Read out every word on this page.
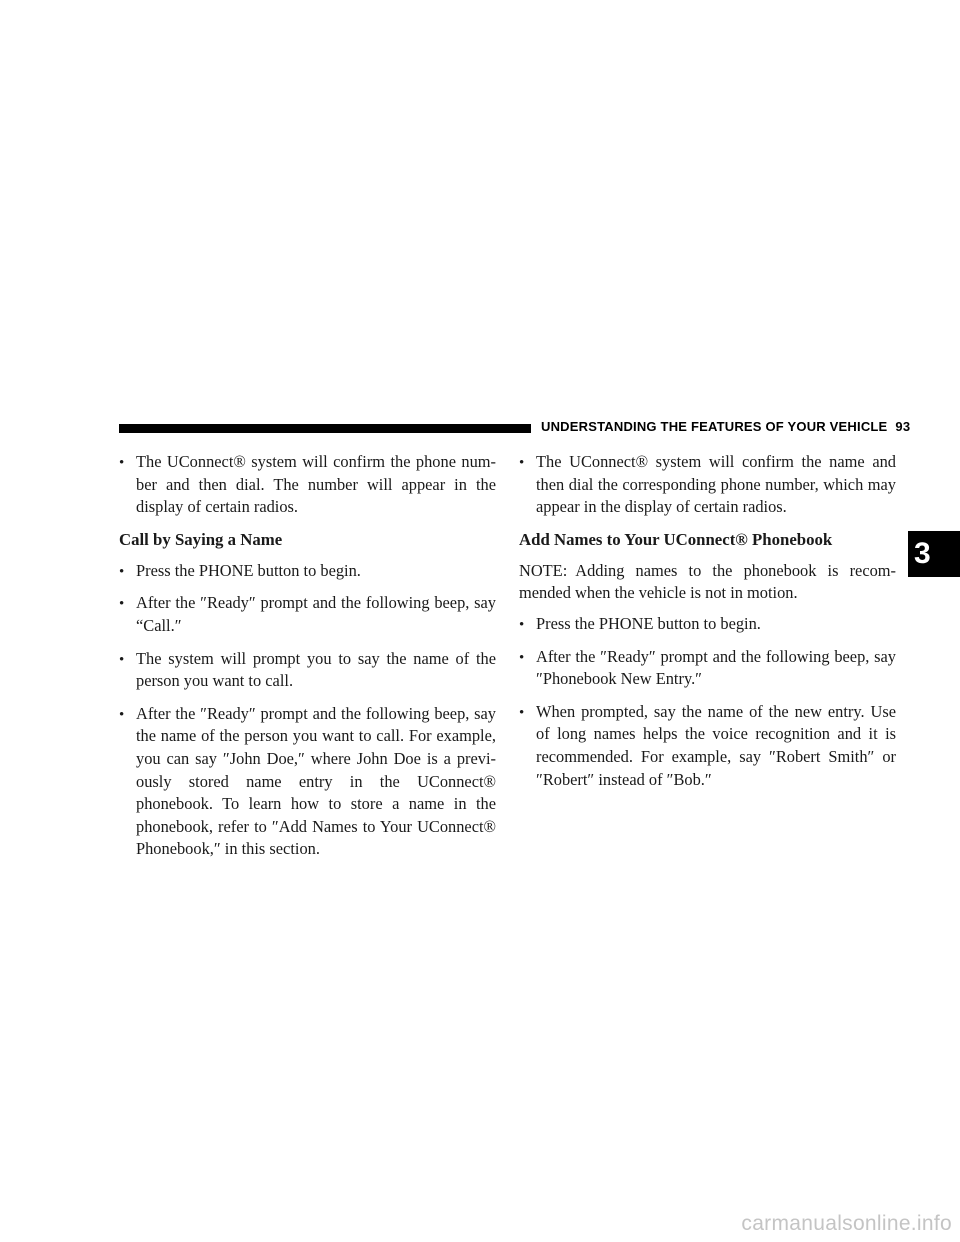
UNDERSTANDING THE FEATURES OF YOUR VEHICLE 93
•
The UConnect® system will confirm the phone num-ber and then dial. The number will appear in the display of certain radios.
Call by Saying a Name
•
Press the PHONE button to begin.
•
After the ″Ready″ prompt and the following beep, say “Call.″
•
The system will prompt you to say the name of the person you want to call.
•
After the ″Ready″ prompt and the following beep, say the name of the person you want to call. For example, you can say ″John Doe,″ where John Doe is a previ-ously stored name entry in the UConnect® phonebook. To learn how to store a name in the phonebook, refer to ″Add Names to Your UConnect® Phonebook,″ in this section.
•
The UConnect® system will confirm the name and then dial the corresponding phone number, which may appear in the display of certain radios.
Add Names to Your UConnect® Phonebook
NOTE: Adding names to the phonebook is recom-mended when the vehicle is not in motion.
•
Press the PHONE button to begin.
•
After the ″Ready″ prompt and the following beep, say ″Phonebook New Entry.″
•
When prompted, say the name of the new entry. Use of long names helps the voice recognition and it is recommended. For example, say ″Robert Smith″ or ″Robert″ instead of ″Bob.″
3
carmanualsonline.info
